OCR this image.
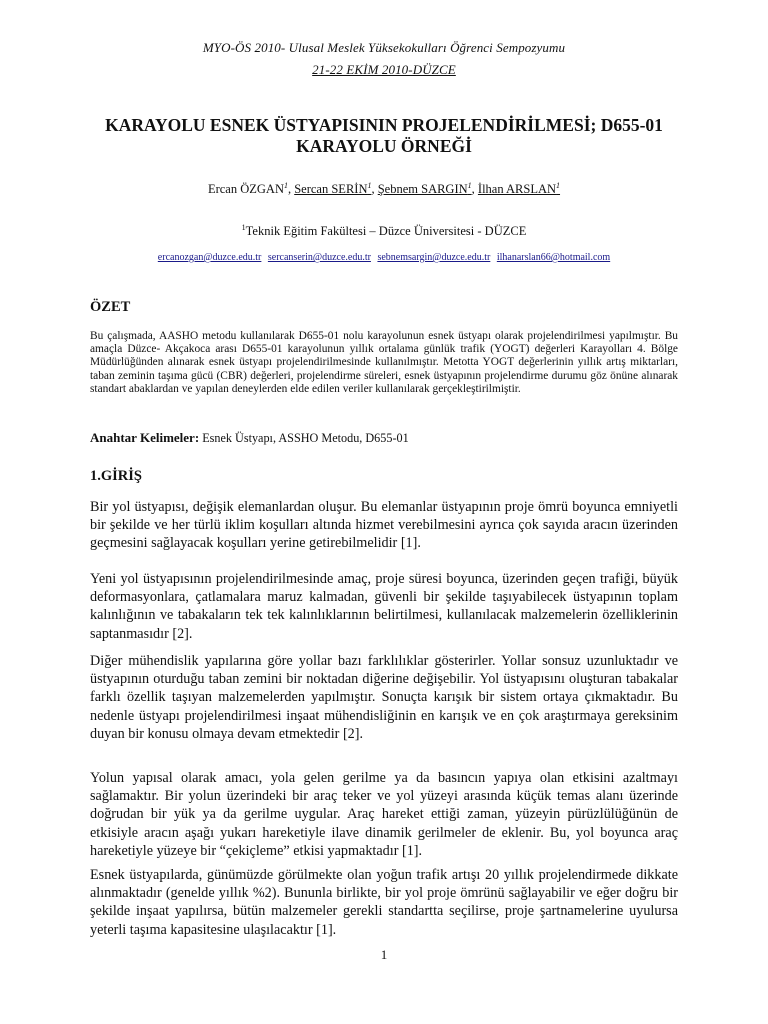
MYO-ÖS 2010- Ulusal Meslek Yüksekokulları Öğrenci Sempozyumu
21-22 EKİM 2010-DÜZCE
KARAYOLU ESNEK ÜSTYAPISININ PROJELENDİRİLMESİ; D655-01
KARAYOLU ÖRNEĞİ
Ercan ÖZGAN$^1$, Sercan SERİN$^1$, Şebnem SARGIN$^1$, İlhan ARSLAN$^1$
$^1$Teknik Eğitim Fakültesi – Düzce Üniversitesi - DÜZCE
ercanozgan@duzce.edu.tr sercanserin@duzce.edu.tr sebnemsargin@duzce.edu.tr ilhanarslan66@hotmail.com
ÖZET
Bu çalışmada, AASHO metodu kullanılarak D655-01 nolu karayolunun esnek üstyapı olarak projelendirilmesi yapılmıştır. Bu amaçla Düzce- Akçakoca arası D655-01 karayolunun yıllık ortalama günlük trafik (YOGT) değerleri Karayolları 4. Bölge Müdürlüğünden alınarak esnek üstyapı projelendirilmesinde kullanılmıştır. Metotta YOGT değerlerinin yıllık artış miktarları, taban zeminin taşıma gücü (CBR) değerleri, projelendirme süreleri, esnek üstyapının projelendirme durumu göz önüne alınarak standart abaklardan ve yapılan deneylerden elde edilen veriler kullanılarak gerçekleştirilmiştir.
Anahtar Kelimeler: Esnek Üstyapı, ASSHO Metodu, D655-01
1.GİRİŞ

Bir yol üstyapısı, değişik elemanlardan oluşur. Bu elemanlar üstyapının proje ömrü boyunca emniyetli bir şekilde ve her türlü iklim koşulları altında hizmet verebilmesini ayrıca çok sayıda aracın üzerinden geçmesini sağlayacak koşulları yerine getirebilmelidir [1].

Yeni yol üstyapısının projelendirilmesinde amaç, proje süresi boyunca, üzerinden geçen trafiği, büyük deformasyonlara, çatlamalara maruz kalmadan, güvenli bir şekilde taşıyabilecek üstyapının toplam kalınlığının ve tabakaların tek tek kalınlıklarının belirtilmesi, kullanılacak malzemelerin özelliklerinin saptanmasıdır [2].

Diğer mühendislik yapılarına göre yollar bazı farklılıklar gösterirler. Yollar sonsuz uzunluktadır ve üstyapının oturduğu taban zemini bir noktadan diğerine değişebilir. Yol üstyapısını oluşturan tabakalar farklı özellik taşıyan malzemelerden yapılmıştır. Sonuçta karışık bir sistem ortaya çıkmaktadır. Bu nedenle üstyapı projelendirilmesi inşaat mühendisliğinin en karışık ve en çok araştırmaya gereksinim duyan bir konusu olmaya devam etmektedir [2].

Yolun yapısal olarak amacı, yola gelen gerilme ya da basıncın yapıya olan etkisini azaltmayı sağlamaktır. Bir yolun üzerindeki bir araç teker ve yol yüzeyi arasında küçük temas alanı üzerinde doğrudan bir yük ya da gerilme uygular. Araç hareket ettiği zaman, yüzeyin pürüzlülüğünün de etkisiyle aracın aşağı yukarı hareketiyle ilave dinamik gerilmeler de eklenir. Bu, yol boyunca araç hareketiyle yüzeye bir “çekiçleme” etkisi yapmaktadır [1].

Esnek üstyapılarda, günümüzde görülmekte olan yoğun trafik artışı 20 yıllık projelendirmede dikkate alınmaktadır (genelde yıllık %2). Bununla birlikte, bir yol proje ömrünü sağlayabilir ve eğer doğru bir şekilde inşaat yapılırsa, bütün malzemeler gerekli standartta seçilirse, proje şartnamelerine uyulursa yeterli taşıma kapasitesine ulaşılacaktır [1].

1
